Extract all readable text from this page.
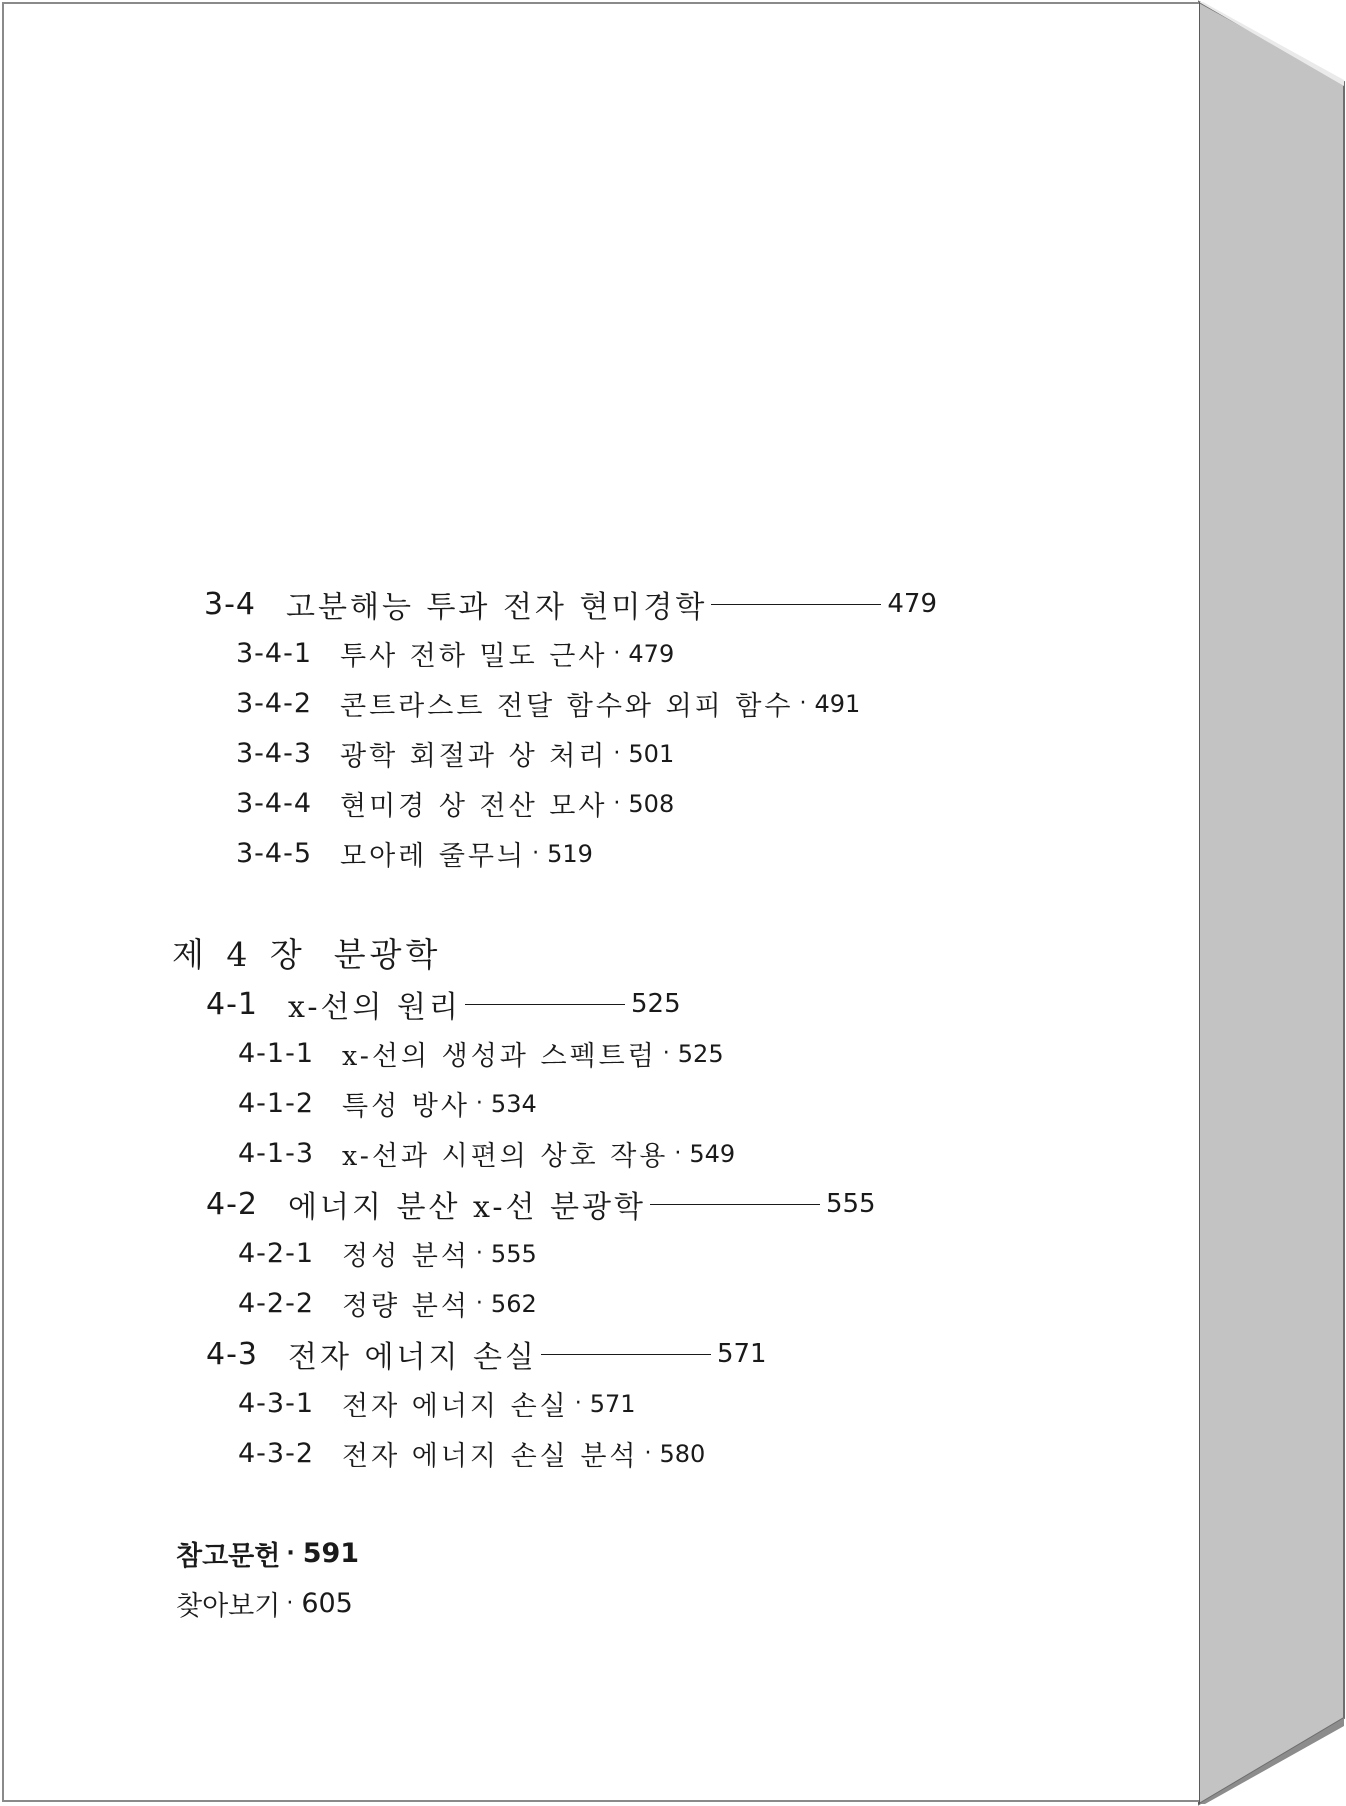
3-4	고분해능 투과 전자 현미경학	479
3-4-1	투사 전하 밀도 근사 · 479
3-4-2	콘트라스트 전달 함수와 외피 함수 · 491
3-4-3	광학 회절과 상 처리 · 501
3-4-4	현미경 상 전산 모사 · 508
3-4-5	모아레 줄무늬 · 519
제 4 장 분광학
4-1	x-선의 원리	525
4-1-1	x-선의 생성과 스펙트럼 · 525
4-1-2	특성 방사 · 534
4-1-3	x-선과 시편의 상호 작용 · 549
4-2	에너지 분산 x-선 분광학	555
4-2-1	정성 분석 · 555
4-2-2	정량 분석 · 562
4-3	전자 에너지 손실	571
4-3-1	전자 에너지 손실 · 571
4-3-2	전자 에너지 손실 분석 · 580
참고문헌 · 591
찾아보기 · 605
